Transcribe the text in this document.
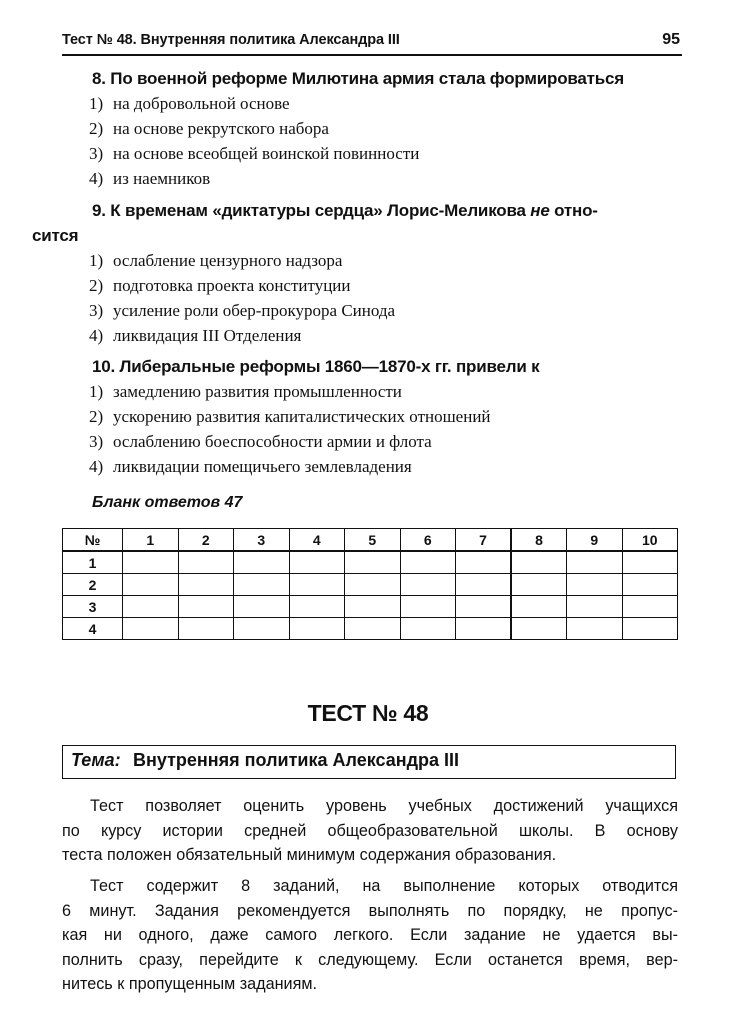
Тест № 48. Внутренняя политика Александра III	95
8. По военной реформе Милютина армия стала формироваться
1) на добровольной основе
2) на основе рекрутского набора
3) на основе всеобщей воинской повинности
4) из наемников
9. К временам «диктатуры сердца» Лорис-Меликова не отно-
сится
1) ослабление цензурного надзора
2) подготовка проекта конституции
3) усиление роли обер-прокурора Синода
4) ликвидация III Отделения
10. Либеральные реформы 1860—1870-х гг. привели к
1) замедлению развития промышленности
2) ускорению развития капиталистических отношений
3) ослаблению боеспособности армии и флота
4) ликвидации помещичьего землевладения
Бланк ответов 47
№	1	2	3	4	5	6	7	8	9	10
1										
2										
3										
4										
ТЕСТ № 48
Тема: Внутренняя политика Александра III
Тест позволяет оценить уровень учебных достижений учащихся
по курсу истории средней общеобразовательной школы. В основу
теста положен обязательный минимум содержания образования.
Тест содержит 8 заданий, на выполнение которых отводится
6 минут. Задания рекомендуется выполнять по порядку, не пропус-
кая ни одного, даже самого легкого. Если задание не удается вы-
полнить сразу, перейдите к следующему. Если останется время, вер-
нитесь к пропущенным заданиям.
